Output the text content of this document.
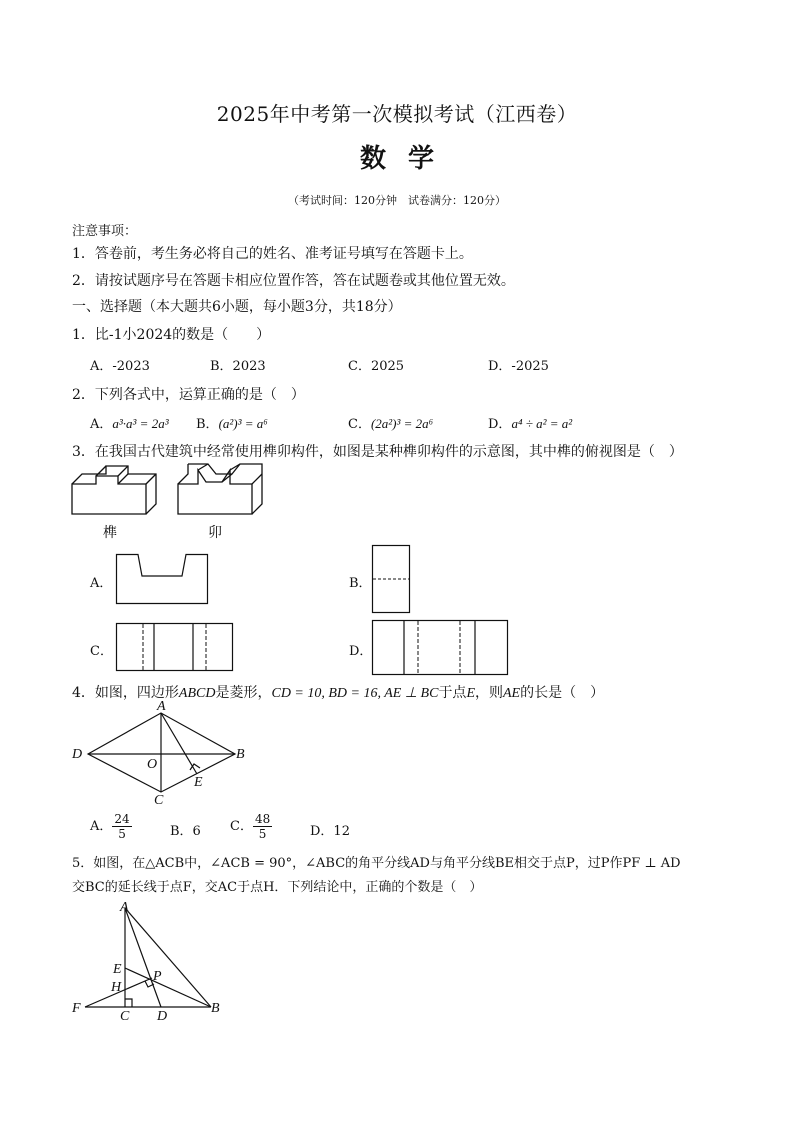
2025年中考第一次模拟考试（江西卷）
数学
（考试时间：120分钟　试卷满分：120分）
注意事项：
1．答卷前，考生务必将自己的姓名、准考证号填写在答题卡上。
2．请按试题序号在答题卡相应位置作答，答在试题卷或其他位置无效。
一、选择题（本大题共6小题，每小题3分，共18分）
1．比-1小2024的数是（　　）
A．-2023	B．2023	C．2025	D．-2025
2．下列各式中，运算正确的是（　）
A．a³·a³ = 2a³ B．(a²)³ = a⁶	C．(2a²)³ = 2a⁶	D．a⁴ ÷ a² = a²
3．在我国古代建筑中经常使用榫卯构件，如图是某种榫卯构件的示意图，其中榫的俯视图是（　）
榫	卯
A．	B．
C．	D．
4．如图，四边形ABCD是菱形，CD = 10, BD = 16, AE ⊥ BC于点E，则AE的长是（　）
A
D	B
O
E
C
A． $\frac{24}{5}$	B．6 C． $\frac{48}{5}$	D．12
5．如图，在△ACB中，∠ACB = 90°，∠ABC的角平分线AD与角平分线BE相交于点P，过P作PF ⊥ AD
交BC的延长线于点F，交AC于点H．下列结论中，正确的个数是（　）
A
E P
H
F
C D
B
